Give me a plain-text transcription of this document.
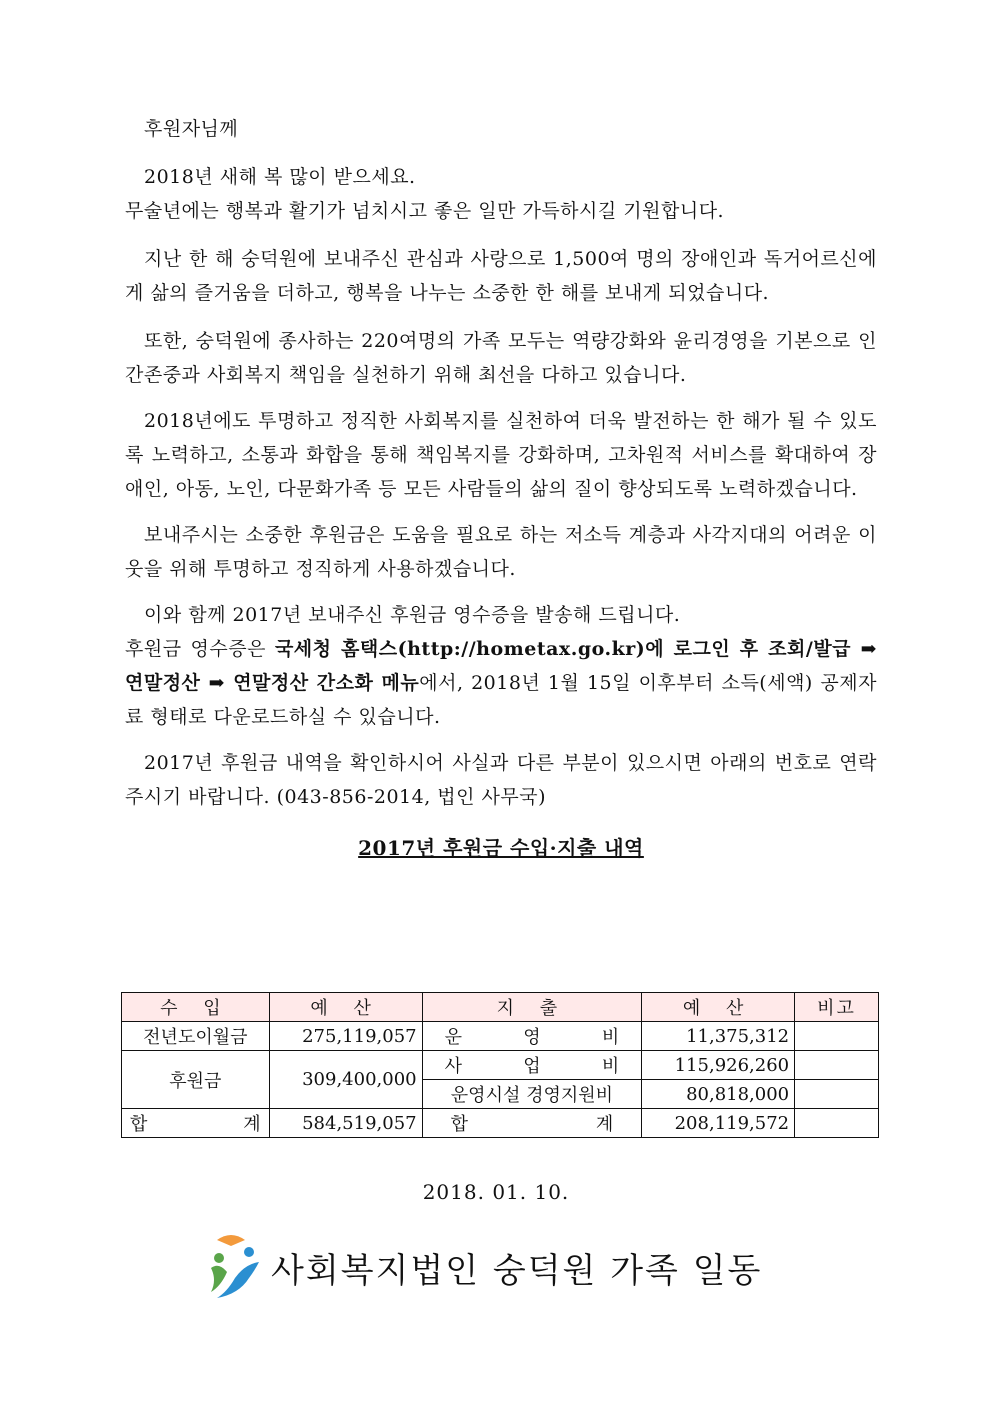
후원자님께

2018년 새해 복 많이 받으세요.

무술년에는 행복과 활기가 넘치시고 좋은 일만 가득하시길 기원합니다.

지난 한 해 숭덕원에 보내주신 관심과 사랑으로 1,500여 명의 장애인과 독거어르신에게 삶의 즐거움을 더하고, 행복을 나누는 소중한 한 해를 보내게 되었습니다.

또한, 숭덕원에 종사하는 220여명의 가족 모두는 역량강화와 윤리경영을 기본으로 인간존중과 사회복지 책임을 실천하기 위해 최선을 다하고 있습니다.

2018년에도 투명하고 정직한 사회복지를 실천하여 더욱 발전하는 한 해가 될 수 있도록 노력하고, 소통과 화합을 통해 책임복지를 강화하며, 고차원적 서비스를 확대하여 장애인, 아동, 노인, 다문화가족 등 모든 사람들의 삶의 질이 향상되도록 노력하겠습니다.

보내주시는 소중한 후원금은 도움을 필요로 하는 저소득 계층과 사각지대의 어려운 이웃을 위해 투명하고 정직하게 사용하겠습니다.

이와 함께 2017년 보내주신 후원금 영수증을 발송해 드립니다.

후원금 영수증은 국세청 홈택스(http://hometax.go.kr)에 로그인 후 조회/발급 ➡ 연말정산 ➡ 연말정산 간소화 메뉴에서, 2018년 1월 15일 이후부터 소득(세액) 공제자료 형태로 다운로드하실 수 있습니다.

2017년 후원금 내역을 확인하시어 사실과 다른 부분이 있으시면 아래의 번호로 연락 주시기 바랍니다. (043-856-2014, 법인 사무국)

2017년 후원금 수입·지출 내역
수 입	예 산	지 출	예 산	비고
전년도이월금	275,119,057	운 영 비	11,375,312	
후원금	309,400,000	사 업 비	115,926,260	
		운영시설 경영지원비	80,818,000	
합 계	584,519,057	합 계	208,119,572	
2018. 01. 10.
사회복지법인 숭덕원 가족 일동
